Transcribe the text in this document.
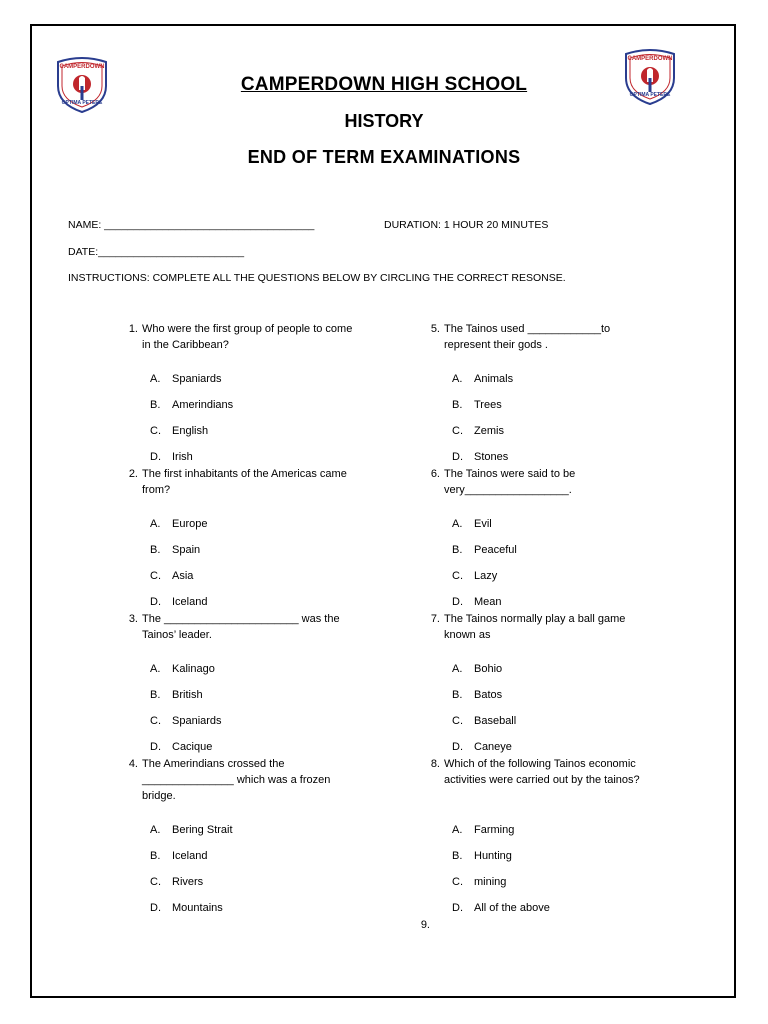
CAMPERDOWN
OPTIMA PETERE
CAMPERDOWN
OPTIMA PETERE
CAMPERDOWN HIGH SCHOOL
HISTORY
END OF TERM EXAMINATIONS
NAME: ____________________________________	DURATION: 1 HOUR 20 MINUTES
DATE:_________________________
INSTRUCTIONS: COMPLETE ALL THE QUESTIONS BELOW BY CIRCLING THE CORRECT RESONSE.
1. Who were the first group of people to come in the Caribbean?
A. Spaniards
B. Amerindians
C. English
D. Irish
2. The first inhabitants of the Americas came from?
A. Europe
B. Spain
C. Asia
D. Iceland
3. The ______________________ was the Tainos’ leader.
A. Kalinago
B. British
C. Spaniards
D. Cacique
4. The Amerindians crossed the _______________ which was a frozen bridge.
A. Bering Strait
B. Iceland
C. Rivers
D. Mountains
5. The Tainos used ____________to represent their gods .
A. Animals
B. Trees
C. Zemis
D. Stones
6. The Tainos were said to be very_________________.
A. Evil
B. Peaceful
C. Lazy
D. Mean
7. The Tainos normally play a ball game known as
A. Bohio
B. Batos
C. Baseball
D. Caneye
8. Which of the following Tainos economic activities were carried out by the tainos?
A. Farming
B. Hunting
C. mining
D. All of the above
9.
